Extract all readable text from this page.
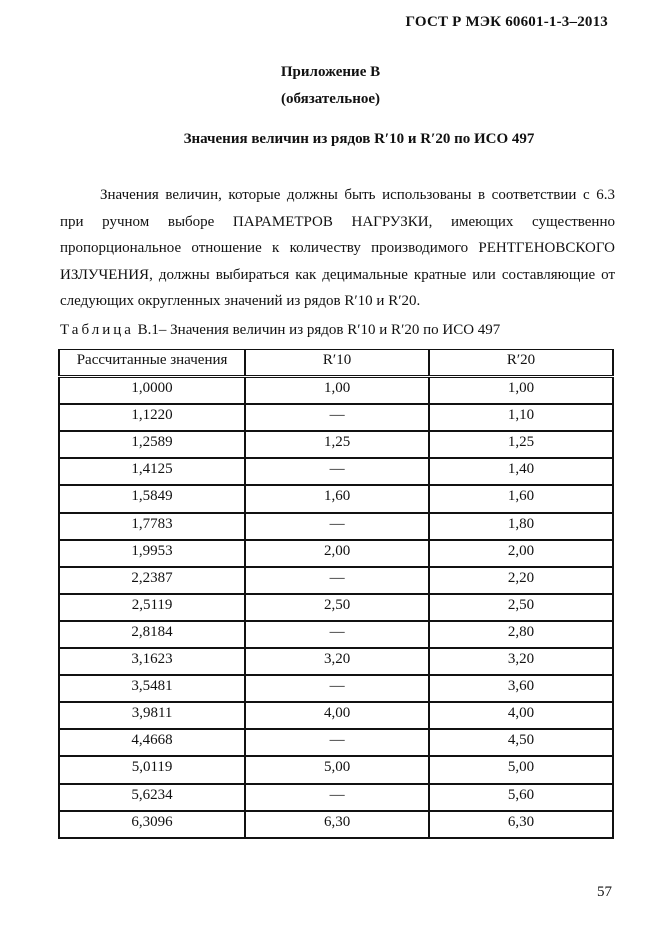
ГОСТ Р МЭК 60601-1-3–2013
Приложение В
(обязательное)
Значения величин из рядов R′10 и R′20 по ИСО 497

Значения величин, которые должны быть использованы в соответствии с 6.3 при ручном выборе ПАРАМЕТРОВ НАГРУЗКИ, имеющих существенно пропорциональное отношение к количеству производимого РЕНТГЕНОВСКОГО ИЗЛУЧЕНИЯ, должны выбираться как децимальные кратные или составляющие от следующих округленных значений из рядов R′10 и R′20.

Таблица В.1– Значения величин из рядов R′10 и R′20 по ИСО 497
Рассчитанные значения	R′10	R′20
1,0000	1,00	1,00
1,1220	—	1,10
1,2589	1,25	1,25
1,4125	—	1,40
1,5849	1,60	1,60
1,7783	—	1,80
1,9953	2,00	2,00
2,2387	—	2,20
2,5119	2,50	2,50
2,8184	—	2,80
3,1623	3,20	3,20
3,5481	—	3,60
3,9811	4,00	4,00
4,4668	—	4,50
5,0119	5,00	5,00
5,6234	—	5,60
6,3096	6,30	6,30
57
